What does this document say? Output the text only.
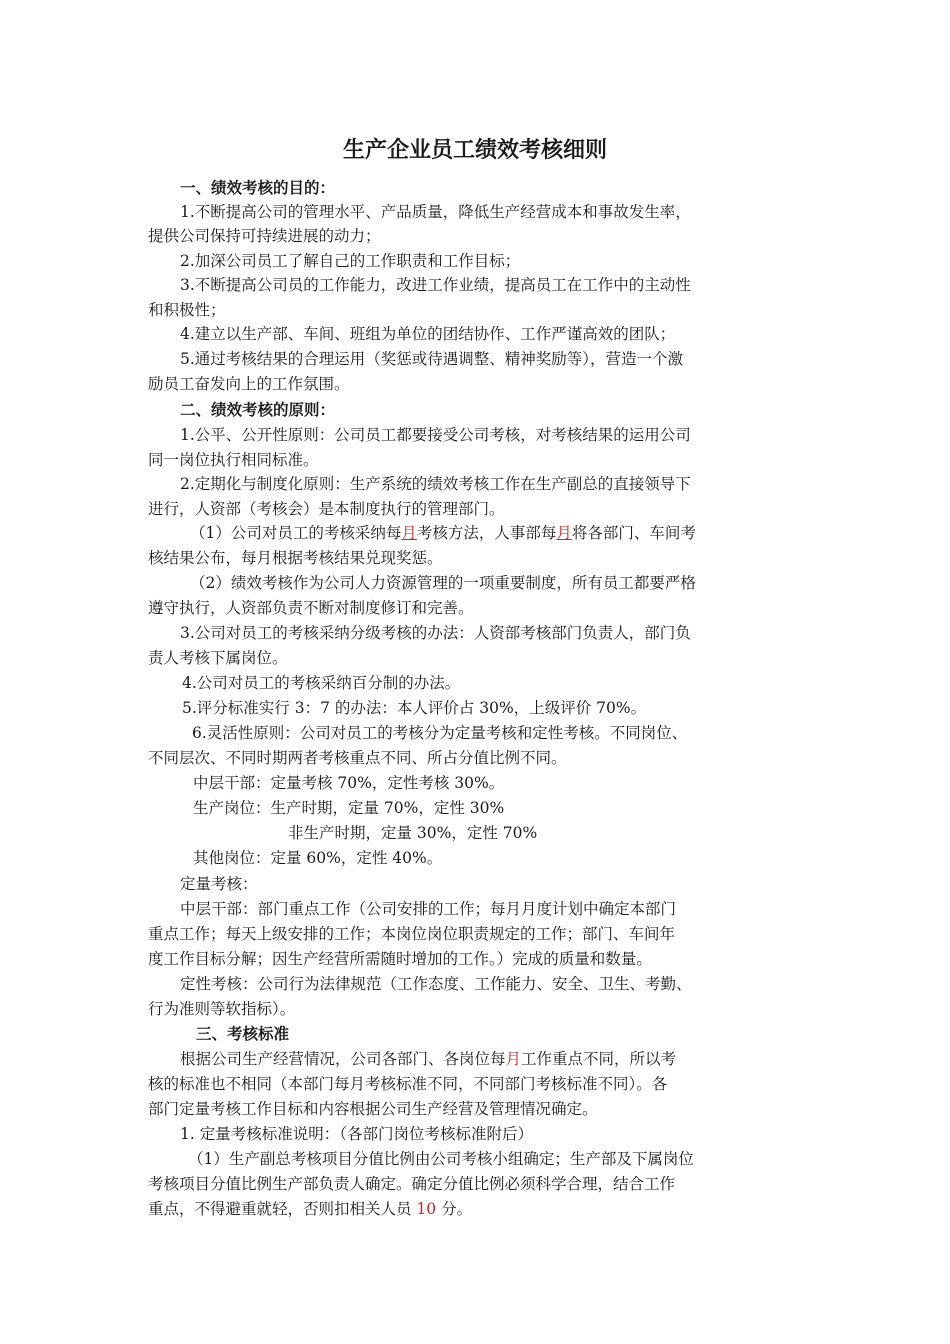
生产企业员工绩效考核细则
一、绩效考核的目的：
1.不断提高公司的管理水平、产品质量，降低生产经营成本和事故发生率，
提供公司保持可持续进展的动力；
2.加深公司员工了解自己的工作职责和工作目标；
3.不断提高公司员的工作能力，改进工作业绩，提高员工在工作中的主动性
和积极性；
4.建立以生产部、车间、班组为单位的团结协作、工作严谨高效的团队；
5.通过考核结果的合理运用（奖惩或待遇调整、精神奖励等），营造一个激
励员工奋发向上的工作氛围。
二、绩效考核的原则：
1.公平、公开性原则：公司员工都要接受公司考核，对考核结果的运用公司
同一岗位执行相同标准。
2.定期化与制度化原则：生产系统的绩效考核工作在生产副总的直接领导下
进行，人资部（考核会）是本制度执行的管理部门。
（1）公司对员工的考核采纳每月考核方法，人事部每月将各部门、车间考
核结果公布，每月根据考核结果兑现奖惩。
（2）绩效考核作为公司人力资源管理的一项重要制度，所有员工都要严格
遵守执行，人资部负责不断对制度修订和完善。
3.公司对员工的考核采纳分级考核的办法：人资部考核部门负责人，部门负
责人考核下属岗位。
4.公司对员工的考核采纳百分制的办法。
5.评分标准实行 3：7 的办法：本人评价占 30%，上级评价 70%。
6.灵活性原则：公司对员工的考核分为定量考核和定性考核。不同岗位、
不同层次、不同时期两者考核重点不同、所占分值比例不同。
中层干部：定量考核 70%，定性考核 30%。
生产岗位：生产时期，定量 70%，定性 30%
非生产时期，定量 30%，定性 70%
其他岗位：定量 60%，定性 40%。
定量考核：
中层干部：部门重点工作（公司安排的工作；每月月度计划中确定本部门
重点工作；每天上级安排的工作；本岗位岗位职责规定的工作；部门、车间年
度工作目标分解；因生产经营所需随时增加的工作。）完成的质量和数量。
定性考核：公司行为法律规范（工作态度、工作能力、安全、卫生、考勤、
行为准则等软指标）。
三、考核标准
根据公司生产经营情况，公司各部门、各岗位每月工作重点不同，所以考
核的标准也不相同（本部门每月考核标准不同，不同部门考核标准不同）。各
部门定量考核工作目标和内容根据公司生产经营及管理情况确定。
1. 定量考核标准说明：（各部门岗位考核标准附后）
（1）生产副总考核项目分值比例由公司考核小组确定；生产部及下属岗位
考核项目分值比例生产部负责人确定。确定分值比例必须科学合理，结合工作
重点，不得避重就轻，否则扣相关人员 10 分。
